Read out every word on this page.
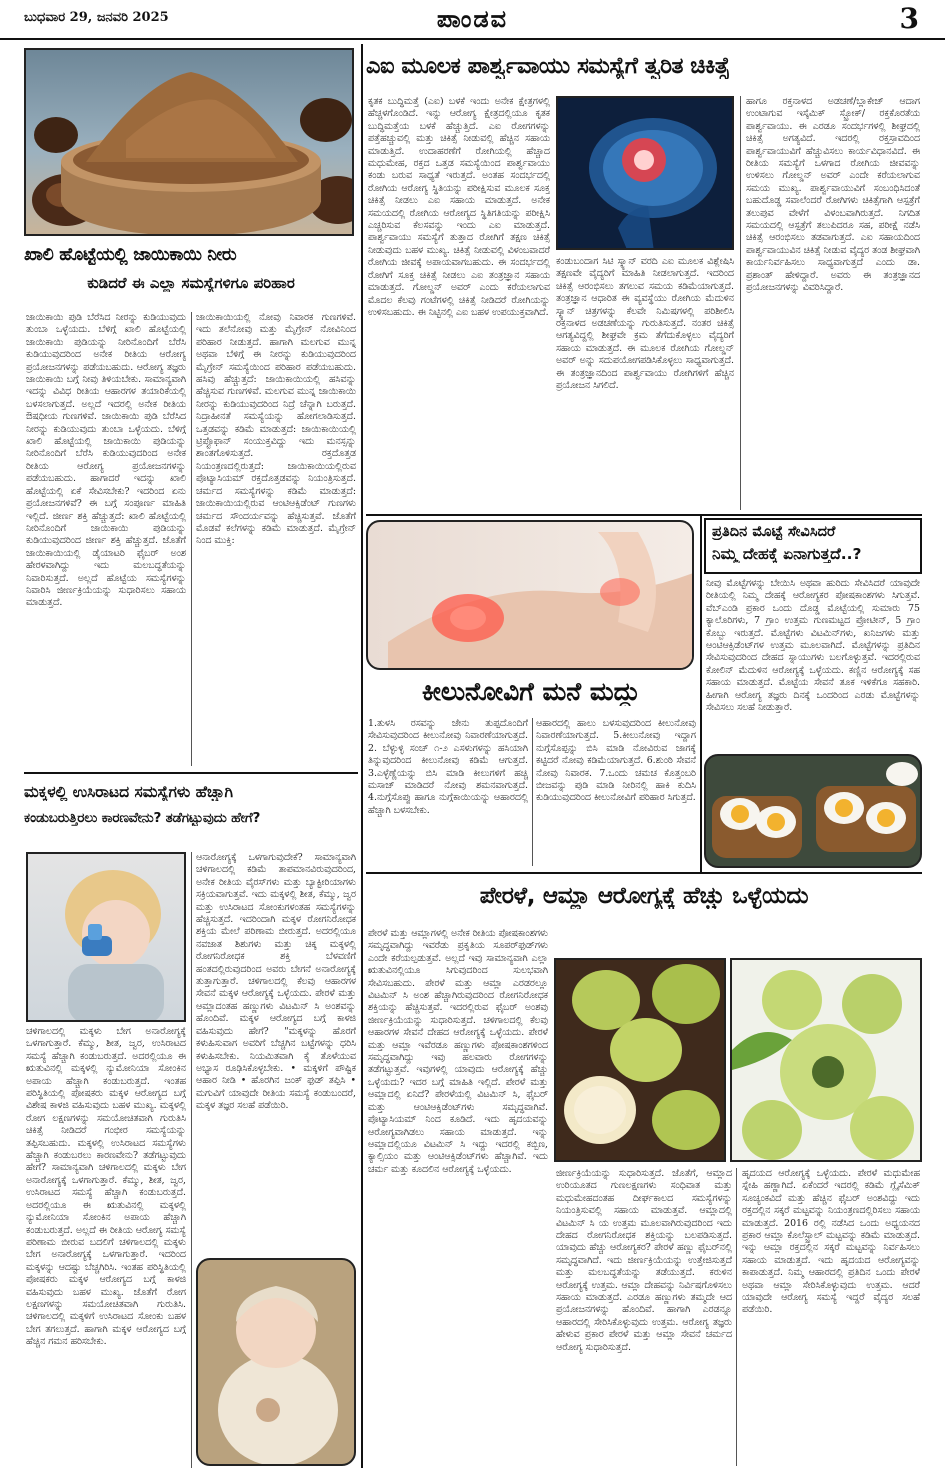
ಬುಧವಾರ 29, ಜನವರಿ 2025	ಪಾಂಡವ	3
ಖಾಲಿ ಹೊಟ್ಟೆಯಲ್ಲಿ ಜಾಯಿಕಾಯಿ ನೀರು
ಕುಡಿದರೆ ಈ ಎಲ್ಲಾ ಸಮಸ್ಯೆಗಳಿಗೂ ಪರಿಹಾರ
ಜಾಯಿಕಾಯಿ ಪುಡಿ ಬೆರೆಸಿದ ನೀರನ್ನು ಕುಡಿಯುವುದು ತುಂಬಾ ಒಳ್ಳೆಯದು. ಬೆಳಿಗ್ಗೆ ಖಾಲಿ ಹೊಟ್ಟೆಯಲ್ಲಿ ಜಾಯಿಕಾಯಿ ಪುಡಿಯನ್ನು ನೀರಿನೊಂದಿಗೆ ಬೆರೆಸಿ ಕುಡಿಯುವುದರಿಂದ ಅನೇಕ ರೀತಿಯ ಆರೋಗ್ಯ ಪ್ರಯೋಜನಗಳನ್ನು ಪಡೆಯಬಹುದು. ಆರೋಗ್ಯ ತಜ್ಞರು ಜಾಯಿಕಾಯಿ ಬಗ್ಗೆ ನೀವು ತಿಳಿಯಬೇಕು. ಸಾಮಾನ್ಯವಾಗಿ ಇದನ್ನು ವಿವಿಧ ರೀತಿಯ ಆಹಾರಗಳ ತಯಾರಿಕೆಯಲ್ಲಿ ಬಳಸಲಾಗುತ್ತದೆ. ಅಲ್ಲದೆ ಇದರಲ್ಲಿ ಅನೇಕ ರೀತಿಯ ಔಷಧೀಯ ಗುಣಗಳಿವೆ. ಜಾಯಿಕಾಯಿ ಪುಡಿ ಬೆರೆಸಿದ ನೀರನ್ನು ಕುಡಿಯುವುದು ತುಂಬಾ ಒಳ್ಳೆಯದು. ಬೆಳಿಗ್ಗೆ ಖಾಲಿ ಹೊಟ್ಟೆಯಲ್ಲಿ ಜಾಯಿಕಾಯಿ ಪುಡಿಯನ್ನು ನೀರಿನೊಂದಿಗೆ ಬೆರೆಸಿ ಕುಡಿಯುವುದರಿಂದ ಅನೇಕ ರೀತಿಯ ಆರೋಗ್ಯ ಪ್ರಯೋಜನಗಳನ್ನು ಪಡೆಯಬಹುದು. ಹಾಗಾದರೆ ಇದನ್ನು ಖಾಲಿ ಹೊಟ್ಟೆಯಲ್ಲಿ ಏಕೆ ಸೇವಿಸಬೇಕು? ಇದರಿಂದ ಏನು ಪ್ರಯೋಜನಗಳಿವೆ? ಈ ಬಗ್ಗೆ ಸಂಪೂರ್ಣ ಮಾಹಿತಿ ಇಲ್ಲಿದೆ. ಜೀರ್ಣ ಶಕ್ತಿ ಹೆಚ್ಚುತ್ತದೆ: ಖಾಲಿ ಹೊಟ್ಟೆಯಲ್ಲಿ ನೀರಿನೊಂದಿಗೆ ಜಾಯಿಕಾಯಿ ಪುಡಿಯನ್ನು ಕುಡಿಯುವುದರಿಂದ ಜೀರ್ಣ ಶಕ್ತಿ ಹೆಚ್ಚುತ್ತದೆ. ಜೊತೆಗೆ ಜಾಯಿಕಾಯಿಯಲ್ಲಿ ಡೈಯಾಟರಿ ಫೈಬರ್ ಅಂಶ ಹೇರಳವಾಗಿದ್ದು ಇದು ಮಲಬದ್ಧತೆಯನ್ನು ನಿವಾರಿಸುತ್ತದೆ. ಅಲ್ಲದೆ ಹೊಟ್ಟೆಯ ಸಮಸ್ಯೆಗಳನ್ನು ನಿವಾರಿಸಿ ಜೀರ್ಣಕ್ರಿಯೆಯನ್ನು ಸುಧಾರಿಸಲು ಸಹಾಯ ಮಾಡುತ್ತದೆ.
ಜಾಯಿಕಾಯಿಯಲ್ಲಿ ನೋವು ನಿವಾರಕ ಗುಣಗಳಿವೆ. ಇದು ತಲೆನೋವು ಮತ್ತು ಮೈಗ್ರೇನ್ ನೋವಿನಿಂದ ಪರಿಹಾರ ನೀಡುತ್ತದೆ. ಹಾಗಾಗಿ ಮಲಗುವ ಮುನ್ನ ಅಥವಾ ಬೆಳಿಗ್ಗೆ ಈ ನೀರನ್ನು ಕುಡಿಯುವುದರಿಂದ ಮೈಗ್ರೇನ್ ಸಮಸ್ಯೆಯಿಂದ ಪರಿಹಾರ ಪಡೆಯಬಹುದು. ಹಸಿವು ಹೆಚ್ಚುತ್ತದೆ: ಜಾಯಿಕಾಯಿಯಲ್ಲಿ ಹಸಿವನ್ನು ಹೆಚ್ಚಿಸುವ ಗುಣಗಳಿವೆ. ಮಲಗುವ ಮುನ್ನ ಜಾಯಿಕಾಯಿ ನೀರನ್ನು ಕುಡಿಯುವುದರಿಂದ ನಿದ್ರೆ ಚೆನ್ನಾಗಿ ಬರುತ್ತದೆ. ನಿದ್ರಾಹೀನತೆ ಸಮಸ್ಯೆಯನ್ನು ಹೋಗಲಾಡಿಸುತ್ತದೆ. ಒತ್ತಡವನ್ನು ಕಡಿಮೆ ಮಾಡುತ್ತದೆ: ಜಾಯಿಕಾಯಿಯಲ್ಲಿ ಟ್ರಿಪ್ಟೊಫಾನ್ ಸಂಯುಕ್ತವಿದ್ದು ಇದು ಮನಸ್ಸನ್ನು ಶಾಂತಗೊಳಿಸುತ್ತದೆ. ರಕ್ತದೊತ್ತಡ ನಿಯಂತ್ರಣದಲ್ಲಿರುತ್ತದೆ: ಜಾಯಿಕಾಯಿಯಲ್ಲಿರುವ ಪೊಟ್ಯಾಸಿಯಮ್ ರಕ್ತದೊತ್ತಡವನ್ನು ನಿಯಂತ್ರಿಸುತ್ತದೆ. ಚರ್ಮದ ಸಮಸ್ಯೆಗಳನ್ನು ಕಡಿಮೆ ಮಾಡುತ್ತದೆ: ಜಾಯಿಕಾಯಿಯಲ್ಲಿರುವ ಆಂಟಿಆಕ್ಸಿಡೆಂಟ್ ಗುಣಗಳು ಚರ್ಮದ ಸೌಂದರ್ಯವನ್ನು ಹೆಚ್ಚಿಸುತ್ತವೆ. ಜೊತೆಗೆ ಮೊಡವೆ ಕಲೆಗಳನ್ನು ಕಡಿಮೆ ಮಾಡುತ್ತದೆ. ಮೈಗ್ರೇನ್ ನಿಂದ ಮುಕ್ತಿ:
ಮಕ್ಕಳಲ್ಲಿ ಉಸಿರಾಟದ ಸಮಸ್ಯೆಗಳು ಹೆಚ್ಚಾಗಿ
ಕಂಡುಬರುತ್ತಿರಲು ಕಾರಣವೇನು? ತಡೆಗಟ್ಟುವುದು ಹೇಗೆ?
ಆನಾರೋಗ್ಯಕ್ಕೆ ಒಳಗಾಗುವುದೇಕೆ? ಸಾಮಾನ್ಯವಾಗಿ ಚಳಿಗಾಲದಲ್ಲಿ ಕಡಿಮೆ ತಾಪಮಾನವಿರುವುದರಿಂದ, ಅನೇಕ ರೀತಿಯ ವೈರಸ್‌ಗಳು ಮತ್ತು ಬ್ಯಾಕ್ಟೀರಿಯಾಗಳು ಸಕ್ರಿಯವಾಗುತ್ತವೆ. ಇದು ಮಕ್ಕಳಲ್ಲಿ ಶೀತ, ಕೆಮ್ಮು, ಜ್ವರ ಮತ್ತು ಉಸಿರಾಟದ ಸೋಂಕುಗಳಂತಹ ಸಮಸ್ಯೆಗಳನ್ನು ಹೆಚ್ಚಿಸುತ್ತದೆ. ಇದರಿಂದಾಗಿ ಮಕ್ಕಳ ರೋಗನಿರೋಧಕ ಶಕ್ತಿಯ ಮೇಲೆ ಪರಿಣಾಮ ಬೀರುತ್ತದೆ. ಅದರಲ್ಲಿಯೂ ನವಜಾತ ಶಿಶುಗಳು ಮತ್ತು ಚಿಕ್ಕ ಮಕ್ಕಳಲ್ಲಿ ರೋಗನಿರೋಧಕ ಶಕ್ತಿ ಬೆಳವಣಿಗೆ ಹಂತದಲ್ಲಿರುವುದರಿಂದ ಅವರು ಬೇಗನೆ ಅನಾರೋಗ್ಯಕ್ಕೆ ತುತ್ತಾಗುತ್ತಾರೆ. ಚಳಿಗಾಲದಲ್ಲಿ ಕೆಲವು ಆಹಾರಗಳ ಸೇವನೆ ಮಕ್ಕಳ ಆರೋಗ್ಯಕ್ಕೆ ಒಳ್ಳೆಯದು. ಪೇರಳೆ ಮತ್ತು ಆಮ್ಲಾದಂತಹ ಹಣ್ಣುಗಳು ವಿಟಮಿನ್ ಸಿ ಅಂಶವನ್ನು ಹೊಂದಿವೆ. ಮಕ್ಕಳ ಆರೋಗ್ಯದ ಬಗ್ಗೆ ಕಾಳಜಿ ವಹಿಸುವುದು ಹೇಗೆ? "ಮಕ್ಕಳನ್ನು ಹೊರಗೆ ಕಳುಹಿಸುವಾಗ ಅವರಿಗೆ ಬೆಚ್ಚಗಿನ ಬಟ್ಟೆಗಳನ್ನು ಧರಿಸಿ ಕಳುಹಿಸಬೇಕು. ನಿಯಮಿತವಾಗಿ ಕೈ ತೊಳೆಯುವ ಅಭ್ಯಾಸ ರೂಢಿಸಿಕೊಳ್ಳಬೇಕು. • ಮಕ್ಕಳಿಗೆ ಪೌಷ್ಟಿಕ ಆಹಾರ ನೀಡಿ • ಹೊರಗಿನ ಜಂಕ್ ಫುಡ್ ತಪ್ಪಿಸಿ • ಮಗುವಿಗೆ ಯಾವುದೇ ರೀತಿಯ ಸಮಸ್ಯೆ ಕಂಡುಬಂದರೆ, ಮಕ್ಕಳ ತಜ್ಞರ ಸಲಹೆ ಪಡೆಯಿರಿ.
ಚಳಿಗಾಲದಲ್ಲಿ ಮಕ್ಕಳು ಬೇಗ ಅನಾರೋಗ್ಯಕ್ಕೆ ಒಳಗಾಗುತ್ತಾರೆ. ಕೆಮ್ಮು, ಶೀತ, ಜ್ವರ, ಉಸಿರಾಟದ ಸಮಸ್ಯೆ ಹೆಚ್ಚಾಗಿ ಕಂಡುಬರುತ್ತದೆ. ಅದರಲ್ಲಿಯೂ ಈ ಋತುವಿನಲ್ಲಿ ಮಕ್ಕಳಲ್ಲಿ ನ್ಯುಮೋನಿಯಾ ಸೋಂಕಿನ ಅಪಾಯ ಹೆಚ್ಚಾಗಿ ಕಂಡುಬರುತ್ತದೆ. ಇಂತಹ ಪರಿಸ್ಥಿತಿಯಲ್ಲಿ ಪೋಷಕರು ಮಕ್ಕಳ ಆರೋಗ್ಯದ ಬಗ್ಗೆ ವಿಶೇಷ ಕಾಳಜಿ ವಹಿಸುವುದು ಬಹಳ ಮುಖ್ಯ. ಮಕ್ಕಳಲ್ಲಿ ರೋಗ ಲಕ್ಷಣಗಳನ್ನು ಸಮಯೋಚಿತವಾಗಿ ಗುರುತಿಸಿ ಚಿಕಿತ್ಸೆ ನೀಡಿದರೆ ಗಂಭೀರ ಸಮಸ್ಯೆಯನ್ನು ತಪ್ಪಿಸಬಹುದು. ಮಕ್ಕಳಲ್ಲಿ ಉಸಿರಾಟದ ಸಮಸ್ಯೆಗಳು ಹೆಚ್ಚಾಗಿ ಕಂಡುಬರಲು ಕಾರಣವೇನು? ತಡೆಗಟ್ಟುವುದು ಹೇಗೆ? ಸಾಮಾನ್ಯವಾಗಿ ಚಳಿಗಾಲದಲ್ಲಿ ಮಕ್ಕಳು ಬೇಗ ಅನಾರೋಗ್ಯಕ್ಕೆ ಒಳಗಾಗುತ್ತಾರೆ. ಕೆಮ್ಮು, ಶೀತ, ಜ್ವರ, ಉಸಿರಾಟದ ಸಮಸ್ಯೆ ಹೆಚ್ಚಾಗಿ ಕಂಡುಬರುತ್ತದೆ. ಅದರಲ್ಲಿಯೂ ಈ ಋತುವಿನಲ್ಲಿ ಮಕ್ಕಳಲ್ಲಿ ನ್ಯುಮೋನಿಯಾ ಸೋಂಕಿನ ಅಪಾಯ ಹೆಚ್ಚಾಗಿ ಕಂಡುಬರುತ್ತದೆ. ಅಲ್ಲದೆ ಈ ರೀತಿಯ ಆರೋಗ್ಯ ಸಮಸ್ಯೆ ಪರಿಣಾಮ ಬೀರುವ ಬದಲಿಗೆ ಚಳಿಗಾಲದಲ್ಲಿ ಮಕ್ಕಳು ಬೇಗ ಅನಾರೋಗ್ಯಕ್ಕೆ ಒಳಗಾಗುತ್ತಾರೆ. ಇದರಿಂದ ಮಕ್ಕಳನ್ನು ಆದಷ್ಟು ಬೆಚ್ಚಗಿರಿಸಿ. ಇಂತಹ ಪರಿಸ್ಥಿತಿಯಲ್ಲಿ ಪೋಷಕರು ಮಕ್ಕಳ ಆರೋಗ್ಯದ ಬಗ್ಗೆ ಕಾಳಜಿ ವಹಿಸುವುದು ಬಹಳ ಮುಖ್ಯ. ಜೊತೆಗೆ ರೋಗ ಲಕ್ಷಣಗಳನ್ನು ಸಮಯೋಚಿತವಾಗಿ ಗುರುತಿಸಿ. ಚಳಿಗಾಲದಲ್ಲಿ ಮಕ್ಕಳಿಗೆ ಉಸಿರಾಟದ ಸೋಂಕು ಬಹಳ ಬೇಗ ತಗಲುತ್ತದೆ. ಹಾಗಾಗಿ ಮಕ್ಕಳ ಆರೋಗ್ಯದ ಬಗ್ಗೆ ಹೆಚ್ಚಿನ ಗಮನ ಹರಿಸಬೇಕು.
ಎಐ ಮೂಲಕ ಪಾರ್ಶ್ವವಾಯು ಸಮಸ್ಯೆಗೆ ತ್ವರಿತ ಚಿಕಿತ್ಸೆ
ಕೃತಕ ಬುದ್ಧಿಮತ್ತೆ (ಎಐ) ಬಳಕೆ ಇಂದು ಅನೇಕ ಕ್ಷೇತ್ರಗಳಲ್ಲಿ ಹೆಚ್ಚಳಗೊಂಡಿದೆ. ಇನ್ನು ಆರೋಗ್ಯ ಕ್ಷೇತ್ರದಲ್ಲಿಯೂ ಕೃತಕ ಬುದ್ಧಿಮತ್ತೆಯ ಬಳಕೆ ಹೆಚ್ಚುತ್ತಿದೆ. ಎಐ ರೋಗಗಳನ್ನು ಪತ್ತೆಹಚ್ಚುವಲ್ಲಿ ಮತ್ತು ಚಿಕಿತ್ಸೆ ನೀಡುವಲ್ಲಿ ಹೆಚ್ಚಿನ ಸಹಾಯ ಮಾಡುತ್ತಿದೆ. ಉದಾಹರಣೆಗೆ ರೋಗಿಯಲ್ಲಿ ಹೆಚ್ಚಾದ ಮಧುಮೇಹ, ರಕ್ತದ ಒತ್ತಡ ಸಮಸ್ಯೆಯಿಂದ ಪಾರ್ಶ್ವವಾಯು ಕಂಡು ಬರುವ ಸಾಧ್ಯತೆ ಇರುತ್ತದೆ. ಅಂತಹ ಸಂದರ್ಭದಲ್ಲಿ ರೋಗಿಯ ಆರೋಗ್ಯ ಸ್ಥಿತಿಯನ್ನು ಪರೀಕ್ಷಿಸುವ ಮೂಲಕ ಸೂಕ್ತ ಚಿಕಿತ್ಸೆ ನೀಡಲು ಎಐ ಸಹಾಯ ಮಾಡುತ್ತದೆ. ಅನೇಕ ಸಮಯದಲ್ಲಿ ರೋಗಿಯ ಆರೋಗ್ಯದ ಸ್ಥಿತಿಗತಿಯನ್ನು ಪರೀಕ್ಷಿಸಿ ಎಚ್ಚರಿಸುವ ಕೆಲಸವನ್ನು ಇಂದು ಎಐ ಮಾಡುತ್ತದೆ. ಪಾರ್ಶ್ವವಾಯು ಸಮಸ್ಯೆಗೆ ತುತ್ತಾದ ರೋಗಿಗೆ ತಕ್ಷಣ ಚಿಕಿತ್ಸೆ ನೀಡುವುದು ಬಹಳ ಮುಖ್ಯ. ಚಿಕಿತ್ಸೆ ನೀಡುವಲ್ಲಿ ವಿಳಂಬವಾದರೆ ರೋಗಿಯ ಜೀವಕ್ಕೆ ಅಪಾಯವಾಗಬಹುದು. ಈ ಸಂದರ್ಭದಲ್ಲಿ ರೋಗಿಗೆ ಸೂಕ್ತ ಚಿಕಿತ್ಸೆ ನೀಡಲು ಎಐ ತಂತ್ರಜ್ಞಾನ ಸಹಾಯ ಮಾಡುತ್ತದೆ. ಗೋಲ್ಡನ್ ಅವರ್ ಎಂದು ಕರೆಯಲಾಗುವ ಮೊದಲ ಕೆಲವು ಗಂಟೆಗಳಲ್ಲಿ ಚಿಕಿತ್ಸೆ ನೀಡಿದರೆ ರೋಗಿಯನ್ನು ಉಳಿಸಬಹುದು. ಈ ನಿಟ್ಟಿನಲ್ಲಿ ಎಐ ಬಹಳ ಉಪಯುಕ್ತವಾಗಿದೆ.
ಕಂಡುಬಂದಾಗ ಸಿಟಿ ಸ್ಕ್ಯಾನ್ ವರದಿ ಎಐ ಮೂಲಕ ವಿಶ್ಲೇಷಿಸಿ ತಕ್ಷಣವೇ ವೈದ್ಯರಿಗೆ ಮಾಹಿತಿ ನೀಡಲಾಗುತ್ತದೆ. ಇದರಿಂದ ಚಿಕಿತ್ಸೆ ಆರಂಭಿಸಲು ತಗಲುವ ಸಮಯ ಕಡಿಮೆಯಾಗುತ್ತದೆ. ತಂತ್ರಜ್ಞಾನ ಆಧಾರಿತ ಈ ವ್ಯವಸ್ಥೆಯು ರೋಗಿಯ ಮೆದುಳಿನ ಸ್ಕ್ಯಾನ್ ಚಿತ್ರಗಳನ್ನು ಕೆಲವೇ ನಿಮಿಷಗಳಲ್ಲಿ ಪರಿಶೀಲಿಸಿ ರಕ್ತನಾಳದ ಅಡಚಣೆಯನ್ನು ಗುರುತಿಸುತ್ತದೆ. ನಂತರ ಚಿಕಿತ್ಸೆ ಆಗತ್ಯವಿದ್ದಲ್ಲಿ ಶೀಘ್ರವೇ ಕ್ರಮ ತೆಗೆದುಕೊಳ್ಳಲು ವೈದ್ಯರಿಗೆ ಸಹಾಯ ಮಾಡುತ್ತದೆ. ಈ ಮೂಲಕ ರೋಗಿಯ ಗೋಲ್ಡನ್ ಅವರ್ ಅನ್ನು ಸದುಪಯೋಗಪಡಿಸಿಕೊಳ್ಳಲು ಸಾಧ್ಯವಾಗುತ್ತದೆ. ಈ ತಂತ್ರಜ್ಞಾನದಿಂದ ಪಾರ್ಶ್ವವಾಯು ರೋಗಿಗಳಿಗೆ ಹೆಚ್ಚಿನ ಪ್ರಯೋಜನ ಸಿಗಲಿದೆ.
ಹಾಗೂ ರಕ್ತನಾಳದ ಅಡಚಣೆ/ಬ್ಲಾಕೇಜ್ ಆದಾಗ ಉಂಟಾಗುವ ಇಸ್ಕೆಮಿಕ್ ಸ್ಟ್ರೋಕ್/ ರಕ್ತಕೊರತೆಯ ಪಾರ್ಶ್ವವಾಯು. ಈ ಎರಡೂ ಸಂದರ್ಭಗಳಲ್ಲಿ ಶೀಘ್ರದಲ್ಲಿ ಚಿಕಿತ್ಸೆ ಅಗತ್ಯವಿದೆ. ಇದರಲ್ಲಿ ರಕ್ತಸ್ರಾವದಿಂದ ಪಾರ್ಶ್ವವಾಯುವಿಗೆ ಹೆಚ್ಚುವಿಸಲು ಕಾರ್ಯವಿಧಾನವಿದೆ. ಈ ರೀತಿಯ ಸಮಸ್ಯೆಗೆ ಒಳಗಾದ ರೋಗಿಯ ಜೀವವನ್ನು ಉಳಿಸಲು ಗೋಲ್ಡನ್ ಅವರ್ ಎಂದೇ ಕರೆಯಲಾಗುವ ಸಮಯ ಮುಖ್ಯ. ಪಾರ್ಶ್ವವಾಯುವಿಗೆ ಸಂಬಂಧಿಸಿದಂತೆ ಬಹುದೊಡ್ಡ ಸವಾಲೆಂದರೆ ರೋಗಿಗಳು ಚಿಕಿತ್ಸೆಗಾಗಿ ಆಸ್ಪತ್ರೆಗೆ ತಲುಪುವ ವೇಳೆಗೆ ವಿಳಂಬವಾಗಿರುತ್ತದೆ. ನಿಗದಿತ ಸಮಯದಲ್ಲಿ ಆಸ್ಪತ್ರೆಗೆ ತಲುಪಿದರೂ ಸಹ, ಪರೀಕ್ಷೆ ನಡೆಸಿ ಚಿಕಿತ್ಸೆ ಆರಂಭಿಸಲು ತಡವಾಗುತ್ತದೆ. ಎಐ ಸಹಾಯದಿಂದ ಪಾರ್ಶ್ವವಾಯುವಿನ ಚಿಕಿತ್ಸೆ ನೀಡುವ ವೈದ್ಯರ ತಂಡ ಶೀಘ್ರವಾಗಿ ಕಾರ್ಯನಿರ್ವಹಿಸಲು ಸಾಧ್ಯವಾಗುತ್ತದೆ ಎಂದು ಡಾ. ಪ್ರಶಾಂತ್ ಹೇಳಿದ್ದಾರೆ. ಅವರು ಈ ತಂತ್ರಜ್ಞಾನದ ಪ್ರಯೋಜನಗಳನ್ನು ವಿವರಿಸಿದ್ದಾರೆ.
ಕೀಲುನೋವಿಗೆ ಮನೆ ಮದ್ದು
1.ತುಳಸಿ ರಸವನ್ನು ಜೇನು ತುಪ್ಪದೊಂದಿಗೆ ಸೇವಿಸುವುದರಿಂದ ಕೀಲುನೋವು ನಿವಾರಣೆಯಾಗುತ್ತದೆ. 2. ಬೆಳ್ಳುಳ್ಳಿ ಸಂಚ್ ೧-೨ ಎಸಳುಗಳನ್ನು ಹಸಿಯಾಗಿ ತಿನ್ನುವುದರಿಂದ ಕೀಲುನೋವು ಕಡಿಮೆ ಆಗುತ್ತದೆ. 3.ಎಳ್ಳೆಣ್ಣೆಯನ್ನು ಬಿಸಿ ಮಾಡಿ ಕೀಲುಗಳಿಗೆ ಹಚ್ಚಿ ಮಸಾಜ್ ಮಾಡಿದರೆ ನೋವು ಶಮನವಾಗುತ್ತದೆ. 4.ನುಗ್ಗೆಸೊಪ್ಪು ಹಾಗೂ ನುಗ್ಗೆಕಾಯಿಯನ್ನು ಆಹಾರದಲ್ಲಿ ಹೆಚ್ಚಾಗಿ ಬಳಸಬೇಕು.
ಆಹಾರದಲ್ಲಿ ಹಾಲು ಬಳಸುವುದರಿಂದ ಕೀಲುನೋವು ನಿವಾರಣೆಯಾಗುತ್ತದೆ. 5.ಕೀಲುನೋವು ಇದ್ದಾಗ ನುಗ್ಗೆಸೊಪ್ಪನ್ನು ಬಿಸಿ ಮಾಡಿ ನೋವಿರುವ ಜಾಗಕ್ಕೆ ಕಟ್ಟಿದರೆ ನೋವು ಕಡಿಮೆಯಾಗುತ್ತದೆ. 6.ಶುಂಠಿ ಸೇವನೆ ನೋವು ನಿವಾರಕ. 7.ಒಂದು ಚಮಚ ಕೊತ್ತಂಬರಿ ಬೀಜವನ್ನು ಪುಡಿ ಮಾಡಿ ನೀರಿನಲ್ಲಿ ಹಾಕಿ ಕುದಿಸಿ ಕುಡಿಯುವುದರಿಂದ ಕೀಲುನೋವಿಗೆ ಪರಿಹಾರ ಸಿಗುತ್ತದೆ.
ಪ್ರತಿದಿನ ಮೊಟ್ಟೆ ಸೇವಿಸಿದರೆ
ನಿಮ್ಮ ದೇಹಕ್ಕೆ ಏನಾಗುತ್ತದೆ..?
ನೀವು ಮೊಟ್ಟೆಗಳನ್ನು ಬೇಯಿಸಿ ಅಥವಾ ಹುರಿದು ಸೇವಿಸಿದರೆ ಯಾವುದೇ ರೀತಿಯಲ್ಲಿ ನಿಮ್ಮ ದೇಹಕ್ಕೆ ಆರೋಗ್ಯಕರ ಪೋಷಕಾಂಶಗಳು ಸಿಗುತ್ತವೆ. ವೆಬ್‌ಎಂಡಿ ಪ್ರಕಾರ ಒಂದು ದೊಡ್ಡ ಮೊಟ್ಟೆಯಲ್ಲಿ ಸುಮಾರು 75 ಕ್ಯಾಲೊರಿಗಳು, 7 ಗ್ರಾಂ ಉತ್ತಮ ಗುಣಮಟ್ಟದ ಪ್ರೋಟೀನ್, 5 ಗ್ರಾಂ ಕೊಬ್ಬು ಇರುತ್ತದೆ. ಮೊಟ್ಟೆಗಳು ವಿಟಮಿನ್‌ಗಳು, ಖನಿಜಗಳು ಮತ್ತು ಆಂಟಿಆಕ್ಸಿಡೆಂಟ್‌ಗಳ ಉತ್ತಮ ಮೂಲವಾಗಿದೆ. ಮೊಟ್ಟೆಗಳನ್ನು ಪ್ರತಿದಿನ ಸೇವಿಸುವುದರಿಂದ ದೇಹದ ಸ್ನಾಯುಗಳು ಬಲಗೊಳ್ಳುತ್ತವೆ. ಇದರಲ್ಲಿರುವ ಕೋಲಿನ್ ಮೆದುಳಿನ ಆರೋಗ್ಯಕ್ಕೆ ಒಳ್ಳೆಯದು. ಕಣ್ಣಿನ ಆರೋಗ್ಯಕ್ಕೆ ಸಹ ಸಹಾಯ ಮಾಡುತ್ತದೆ. ಮೊಟ್ಟೆಯ ಸೇವನೆ ತೂಕ ಇಳಿಕೆಗೂ ಸಹಕಾರಿ. ಹೀಗಾಗಿ ಆರೋಗ್ಯ ತಜ್ಞರು ದಿನಕ್ಕೆ ಒಂದರಿಂದ ಎರಡು ಮೊಟ್ಟೆಗಳನ್ನು ಸೇವಿಸಲು ಸಲಹೆ ನೀಡುತ್ತಾರೆ.
ಪೇರಳೆ, ಆಮ್ಲಾ ಆರೋಗ್ಯಕ್ಕೆ ಹೆಚ್ಚು ಒಳ್ಳೆಯದು
ಪೇರಳೆ ಮತ್ತು ಆಮ್ಲಾಗಳಲ್ಲಿ ಅನೇಕ ರೀತಿಯ ಪೋಷಕಾಂಶಗಳು ಸಮೃದ್ಧವಾಗಿದ್ದು ಇವರೆಡು ಪ್ರಕೃತಿಯ ಸೂಪರ್‌ಫುಡ್‌ಗಳು ಎಂದೇ ಕರೆಯಲ್ಪಡುತ್ತವೆ. ಅಲ್ಲದೆ ಇವು ಸಾಮಾನ್ಯವಾಗಿ ಎಲ್ಲಾ ಋತುವಿನಲ್ಲಿಯೂ ಸಿಗುವುದರಿಂದ ಸುಲಭವಾಗಿ ಸೇವಿಸಬಹುದು. ಪೇರಳೆ ಮತ್ತು ಆಮ್ಲಾ ಎರಡರಲ್ಲೂ ವಿಟಮಿನ್ ಸಿ ಅಂಶ ಹೆಚ್ಚಾಗಿರುವುದರಿಂದ ರೋಗನಿರೋಧಕ ಶಕ್ತಿಯನ್ನು ಹೆಚ್ಚಿಸುತ್ತವೆ. ಇದರಲ್ಲಿರುವ ಫೈಬರ್ ಅಂಶವು ಜೀರ್ಣಕ್ರಿಯೆಯನ್ನು ಸುಧಾರಿಸುತ್ತದೆ. ಚಳಿಗಾಲದಲ್ಲಿ ಕೆಲವು ಆಹಾರಗಳ ಸೇವನೆ ದೇಹದ ಆರೋಗ್ಯಕ್ಕೆ ಒಳ್ಳೆಯದು. ಪೇರಳೆ ಮತ್ತು ಆಮ್ಲಾ ಇವೆರಡೂ ಹಣ್ಣುಗಳು ಪೋಷಕಾಂಶಗಳಿಂದ ಸಮೃದ್ಧವಾಗಿದ್ದು ಇವು ಹಲವಾರು ರೋಗಗಳನ್ನು ತಡೆಗಟ್ಟುತ್ತವೆ. ಇವುಗಳಲ್ಲಿ ಯಾವುದು ಆರೋಗ್ಯಕ್ಕೆ ಹೆಚ್ಚು ಒಳ್ಳೆಯದು? ಇದರ ಬಗ್ಗೆ ಮಾಹಿತಿ ಇಲ್ಲಿದೆ. ಪೇರಳೆ ಮತ್ತು ಆಮ್ಲಾದಲ್ಲಿ ಏನಿದೆ? ಪೇರಳೆಯಲ್ಲಿ ವಿಟಮಿನ್ ಸಿ, ಫೈಬರ್ ಮತ್ತು ಆಂಟಿಆಕ್ಸಿಡೆಂಟ್‌ಗಳು ಸಮೃದ್ಧವಾಗಿವೆ. ಪೊಟ್ಯಾಸಿಯಮ್ ನಿಂದ ಕೂಡಿದೆ. ಇದು ಹೃದಯವನ್ನು ಆರೋಗ್ಯವಾಗಿಡಲು ಸಹಾಯ ಮಾಡುತ್ತದೆ. ಇನ್ನು ಆಮ್ಲಾದಲ್ಲಿಯೂ ವಿಟಮಿನ್ ಸಿ ಇದ್ದು ಇದರಲ್ಲಿ ಕಬ್ಬಿಣ, ಕ್ಯಾಲ್ಸಿಯಂ ಮತ್ತು ಆಂಟಿಆಕ್ಸಿಡೆಂಟ್‌ಗಳು ಹೆಚ್ಚಾಗಿವೆ. ಇದು ಚರ್ಮ ಮತ್ತು ಕೂದಲಿನ ಆರೋಗ್ಯಕ್ಕೆ ಒಳ್ಳೆಯದು.	ಜೀರ್ಣಕ್ರಿಯೆಯನ್ನು ಸುಧಾರಿಸುತ್ತದೆ. ಜೊತೆಗೆ, ಆಮ್ಲಾದ ಉರಿಯೂತದ ಗುಣಲಕ್ಷಣಗಳು ಸಂಧಿವಾತ ಮತ್ತು ಮಧುಮೇಹದಂತಹ ದೀರ್ಘಕಾಲದ ಸಮಸ್ಯೆಗಳನ್ನು ನಿಯಂತ್ರಿಸುವಲ್ಲಿ ಸಹಾಯ ಮಾಡುತ್ತವೆ. ಆಮ್ಲಾದಲ್ಲಿ ವಿಟಮಿನ್ ಸಿ ಯ ಉತ್ತಮ ಮೂಲವಾಗಿರುವುದರಿಂದ ಇದು ದೇಹದ ರೋಗನಿರೋಧಕ ಶಕ್ತಿಯನ್ನು ಬಲಪಡಿಸುತ್ತದೆ. ಯಾವುದು ಹೆಚ್ಚು ಆರೋಗ್ಯಕರ? ಪೇರಳೆ ಹಣ್ಣು ಫೈಬರ್‌ನಲ್ಲಿ ಸಮೃದ್ಧವಾಗಿದೆ. ಇದು ಜೀರ್ಣಕ್ರಿಯೆಯನ್ನು ಉತ್ತೇಜಿಸುತ್ತದೆ ಮತ್ತು ಮಲಬದ್ಧತೆಯನ್ನು ತಡೆಯುತ್ತದೆ. ಕರುಳಿನ ಆರೋಗ್ಯಕ್ಕೆ ಉತ್ತಮ. ಆಮ್ಲಾ ದೇಹವನ್ನು ನಿರ್ವಿಷಗೊಳಿಸಲು ಸಹಾಯ ಮಾಡುತ್ತದೆ. ಎರಡೂ ಹಣ್ಣುಗಳು ತಮ್ಮದೇ ಆದ ಪ್ರಯೋಜನಗಳನ್ನು ಹೊಂದಿವೆ. ಹಾಗಾಗಿ ಎರಡನ್ನೂ ಆಹಾರದಲ್ಲಿ ಸೇರಿಸಿಕೊಳ್ಳುವುದು ಉತ್ತಮ. ಆರೋಗ್ಯ ತಜ್ಞರು ಹೇಳುವ ಪ್ರಕಾರ ಪೇರಳೆ ಮತ್ತು ಆಮ್ಲಾ ಸೇವನೆ ಚರ್ಮದ ಆರೋಗ್ಯ ಸುಧಾರಿಸುತ್ತದೆ.
ಹೃದಯದ ಆರೋಗ್ಯಕ್ಕೆ ಒಳ್ಳೆಯದು. ಪೇರಳೆ ಮಧುಮೇಹ ಸ್ನೇಹಿ ಹಣ್ಣಾಗಿದೆ. ಏಕೆಂದರೆ ಇದರಲ್ಲಿ ಕಡಿಮೆ ಗ್ಲೈಸೆಮಿಕ್ ಸೂಚ್ಯಂಕವಿದೆ ಮತ್ತು ಹೆಚ್ಚಿನ ಫೈಬರ್ ಅಂಶವಿದ್ದು ಇದು ರಕ್ತದಲ್ಲಿನ ಸಕ್ಕರೆ ಮಟ್ಟವನ್ನು ನಿಯಂತ್ರಣದಲ್ಲಿರಿಸಲು ಸಹಾಯ ಮಾಡುತ್ತದೆ. 2016 ರಲ್ಲಿ ನಡೆಸಿದ ಒಂದು ಅಧ್ಯಯನದ ಪ್ರಕಾರ ಆಮ್ಲಾ ಕೊಲೆಸ್ಟ್ರಾಲ್ ಮಟ್ಟವನ್ನು ಕಡಿಮೆ ಮಾಡುತ್ತದೆ. ಇನ್ನು ಆಮ್ಲಾ ರಕ್ತದಲ್ಲಿನ ಸಕ್ಕರೆ ಮಟ್ಟವನ್ನು ನಿರ್ವಹಿಸಲು ಸಹಾಯ ಮಾಡುತ್ತದೆ. ಇದು ಹೃದಯದ ಆರೋಗ್ಯವನ್ನು ಕಾಪಾಡುತ್ತದೆ. ನಿಮ್ಮ ಆಹಾರದಲ್ಲಿ ಪ್ರತಿದಿನ ಒಂದು ಪೇರಳೆ ಅಥವಾ ಆಮ್ಲಾ ಸೇರಿಸಿಕೊಳ್ಳುವುದು ಉತ್ತಮ. ಆದರೆ ಯಾವುದೇ ಆರೋಗ್ಯ ಸಮಸ್ಯೆ ಇದ್ದರೆ ವೈದ್ಯರ ಸಲಹೆ ಪಡೆಯಿರಿ.
